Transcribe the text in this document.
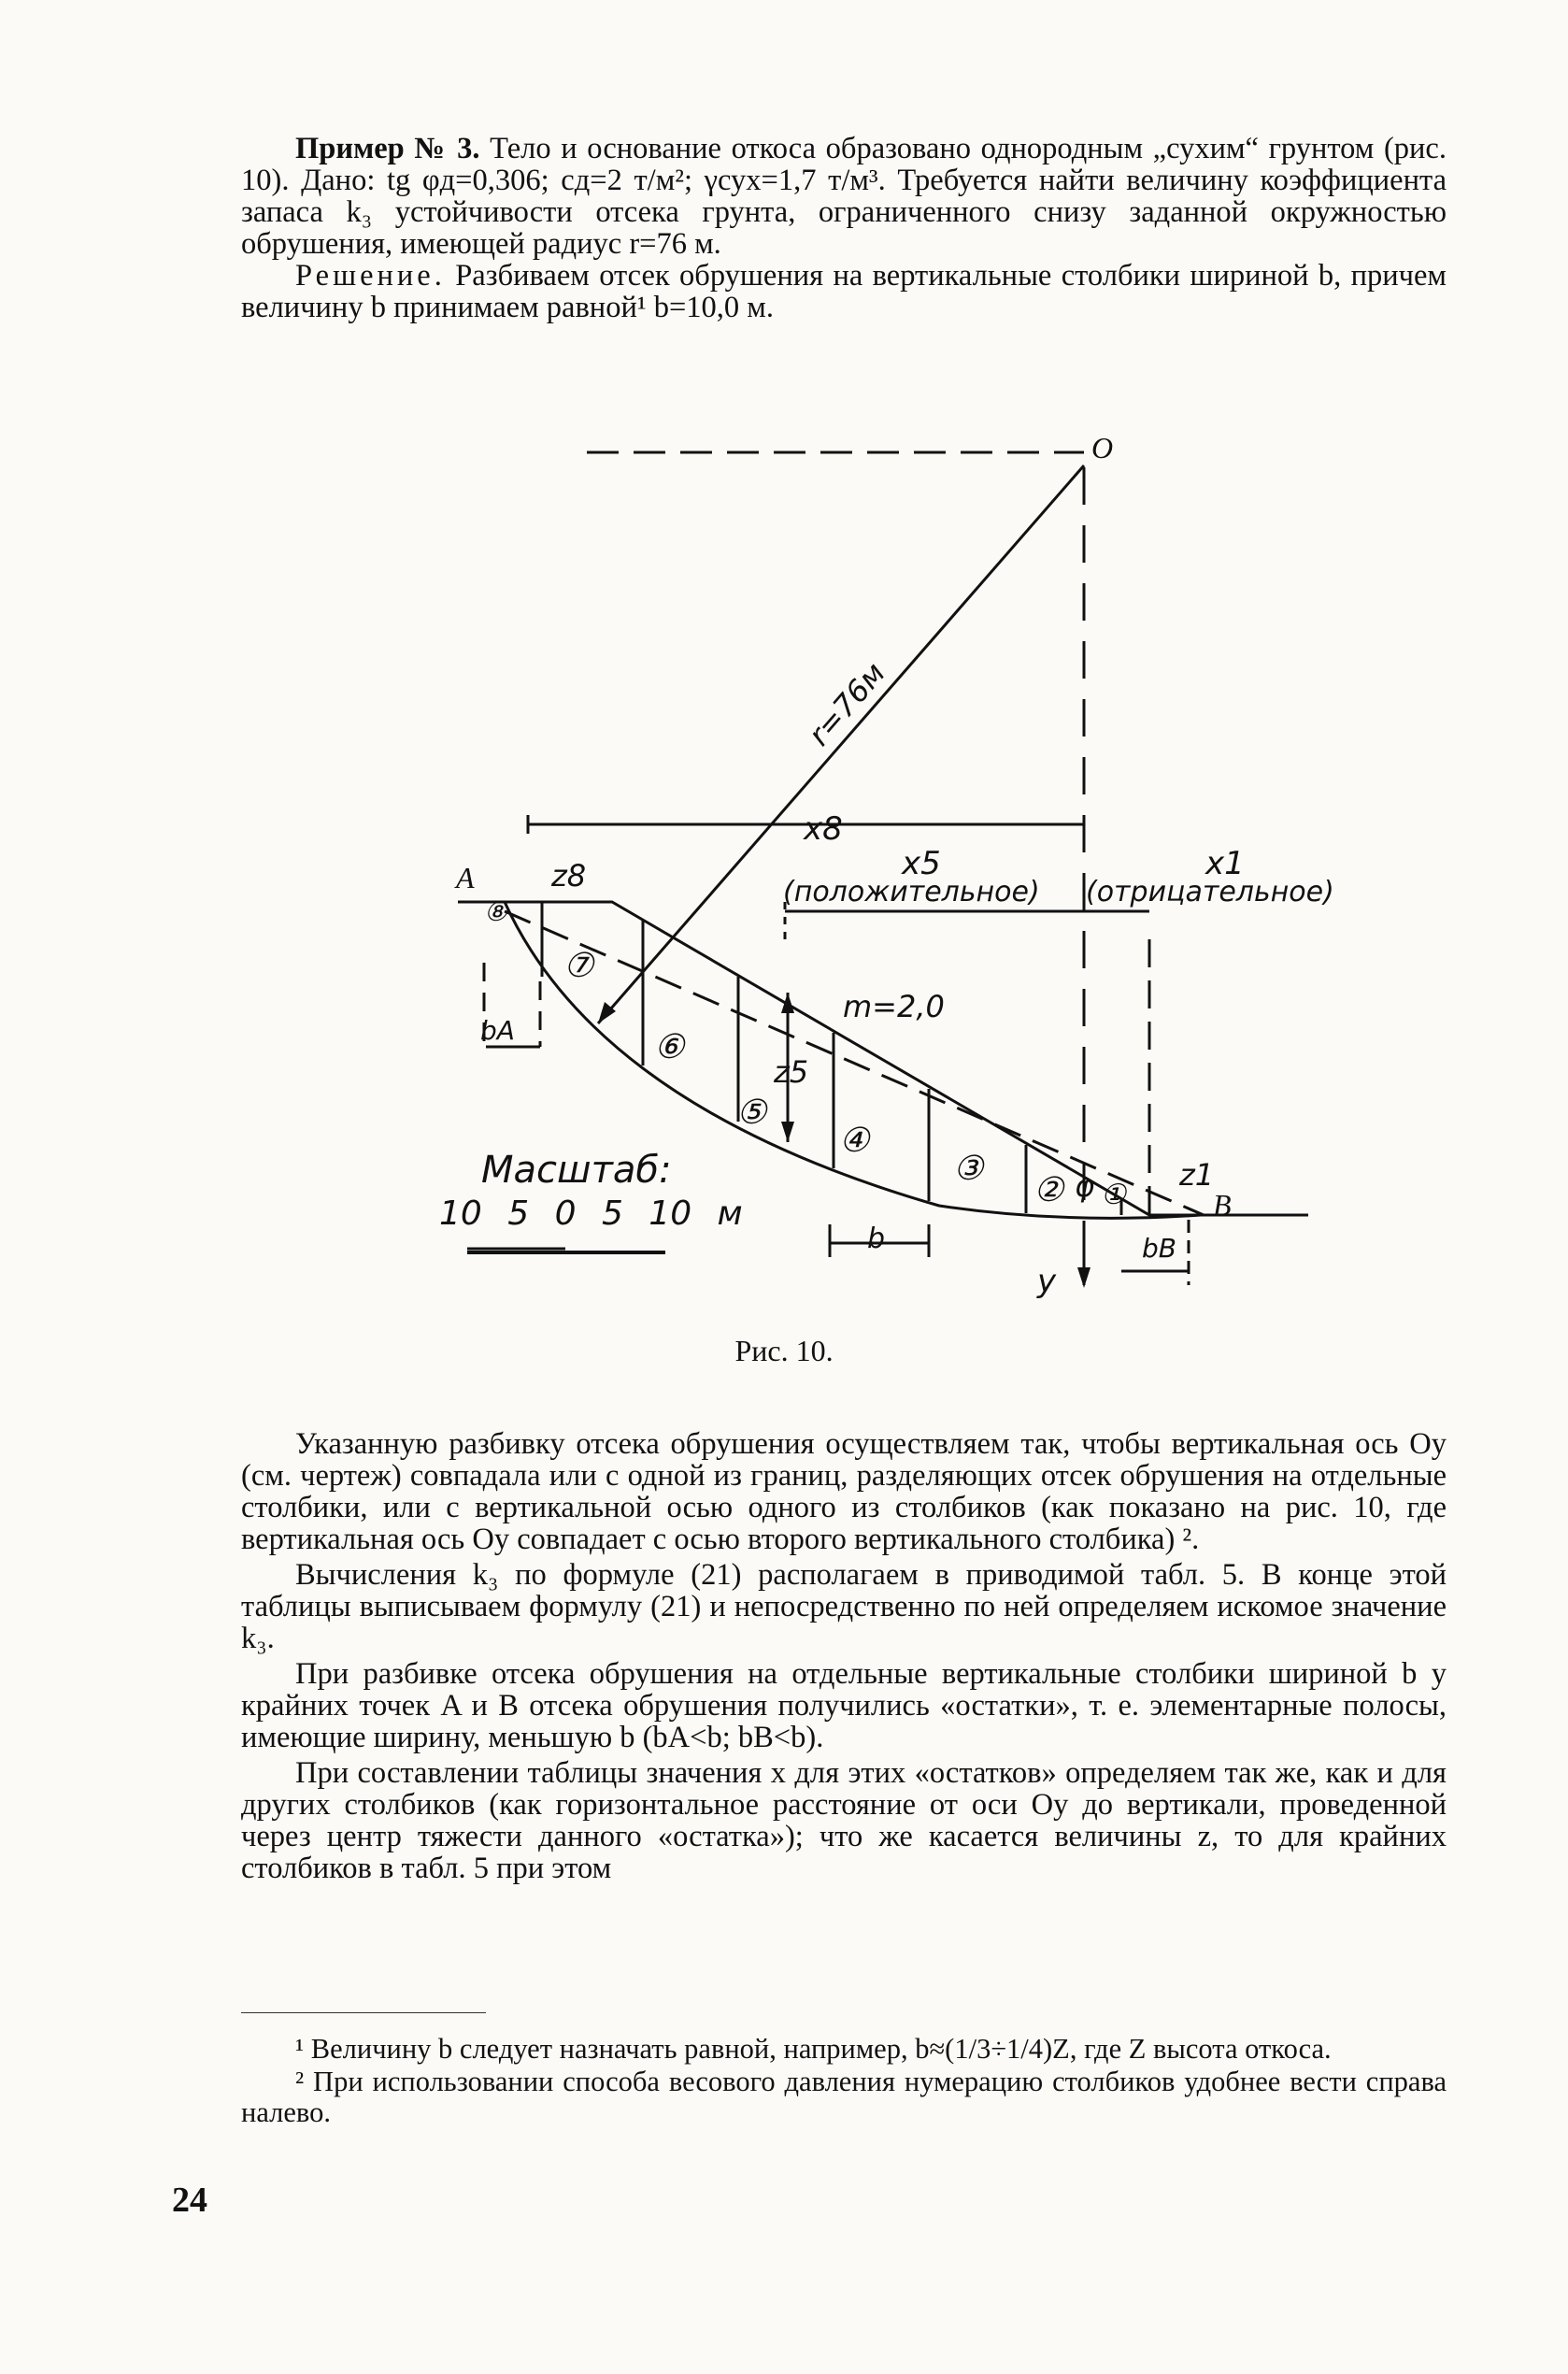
Пример № 3. Тело и основание откоса образовано однородным „сухим“ грунтом (рис. 10). Дано: tg φд=0,306; cд=2 т/м²; γсух=1,7 т/м³. Требуется найти величину коэффициента запаса k₃ устойчивости отсека грунта, ограниченного снизу заданной окружностью обрушения, имеющей радиус r=76 м.

Решение. Разбиваем отсек обрушения на вертикальные столбики шириной b, причем величину b принимаем равной¹ b=10,0 м.

O
A
B
r=76м
x8
x5
(положительное)
x1
(отрицательное)
z8
z5
z1
m=2,0
bA
b	bB
y
φ
Масштаб:
10 5 0 5 10 м	①
②
③
④
⑤
⑥
⑦
⑧
Рис. 10.

Указанную разбивку отсека обрушения осуществляем так, чтобы вертикальная ось Oy (см. чертеж) совпадала или с одной из границ, разделяющих отсек обрушения на отдельные столбики, или с вертикальной осью одного из столбиков (как показано на рис. 10, где вертикальная ось Oy совпадает с осью второго вертикального столбика) ².

Вычисления k₃ по формуле (21) располагаем в приводимой табл. 5. В конце этой таблицы выписываем формулу (21) и непосредственно по ней определяем искомое значение k₃.

При разбивке отсека обрушения на отдельные вертикальные столбики шириной b у крайних точек A и B отсека обрушения получились «остатки», т. е. элементарные полосы, имеющие ширину, меньшую b (bA<b; bB<b).

При составлении таблицы значения x для этих «остатков» определяем так же, как и для других столбиков (как горизонтальное расстояние от оси Oy до вертикали, проведенной через центр тяжести данного «остатка»); что же касается величины z, то для крайних столбиков в табл. 5 при этом

¹ Величину b следует назначать равной, например, b≈(1/3÷1/4)Z, где Z высота откоса.

² При использовании способа весового давления нумерацию столбиков удобнее вести справа налево.

24
